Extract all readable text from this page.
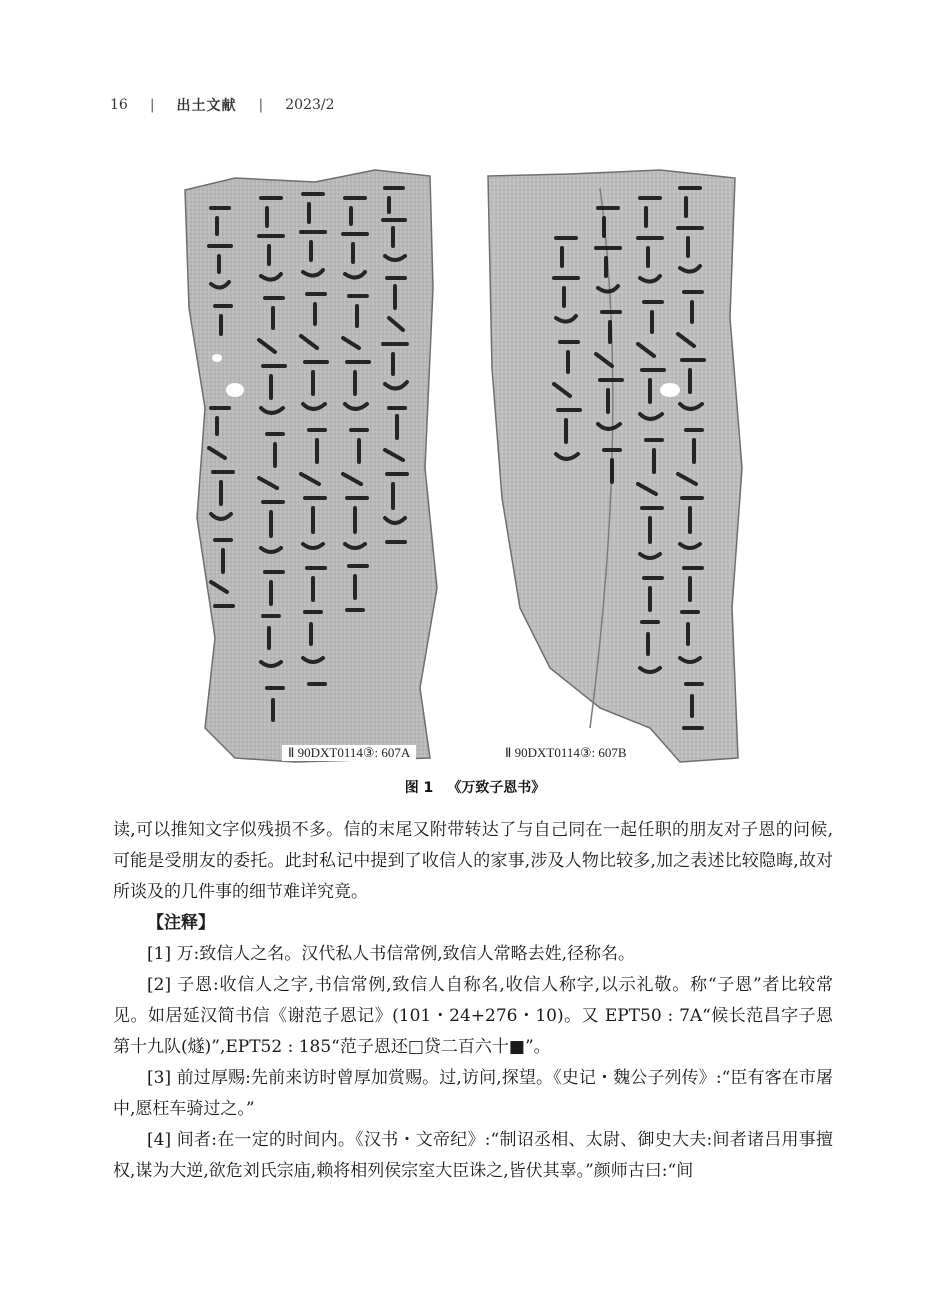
16 | 出土文献 | 2023/2
Ⅱ 90DXT0114③: 607A	Ⅱ 90DXT0114③: 607B
图 1 《万致子恩书》

读,可以推知文字似残损不多。信的末尾又附带转达了与自己同在一起任职的朋友对子恩的问候,可能是受朋友的委托。此封私记中提到了收信人的家事,涉及人物比较多,加之表述比较隐晦,故对所谈及的几件事的细节难详究竟。

【注释】

[1] 万:致信人之名。汉代私人书信常例,致信人常略去姓,径称名。

[2] 子恩:收信人之字,书信常例,致信人自称名,收信人称字,以示礼敬。称“子恩”者比较常见。如居延汉简书信《谢范子恩记》(101・24+276・10)。又 EPT50 : 7A“候长范昌字子恩第十九队(燧)”,EPT52 : 185“范子恩还□贷二百六十■”。

[3] 前过厚赐:先前来访时曾厚加赏赐。过,访问,探望。《史记・魏公子列传》:“臣有客在市屠中,愿枉车骑过之。”

[4] 间者:在一定的时间内。《汉书・文帝纪》:“制诏丞相、太尉、御史大夫:间者诸吕用事擅权,谋为大逆,欲危刘氏宗庙,赖将相列侯宗室大臣诛之,皆伏其辜。”颜师古曰:“间
